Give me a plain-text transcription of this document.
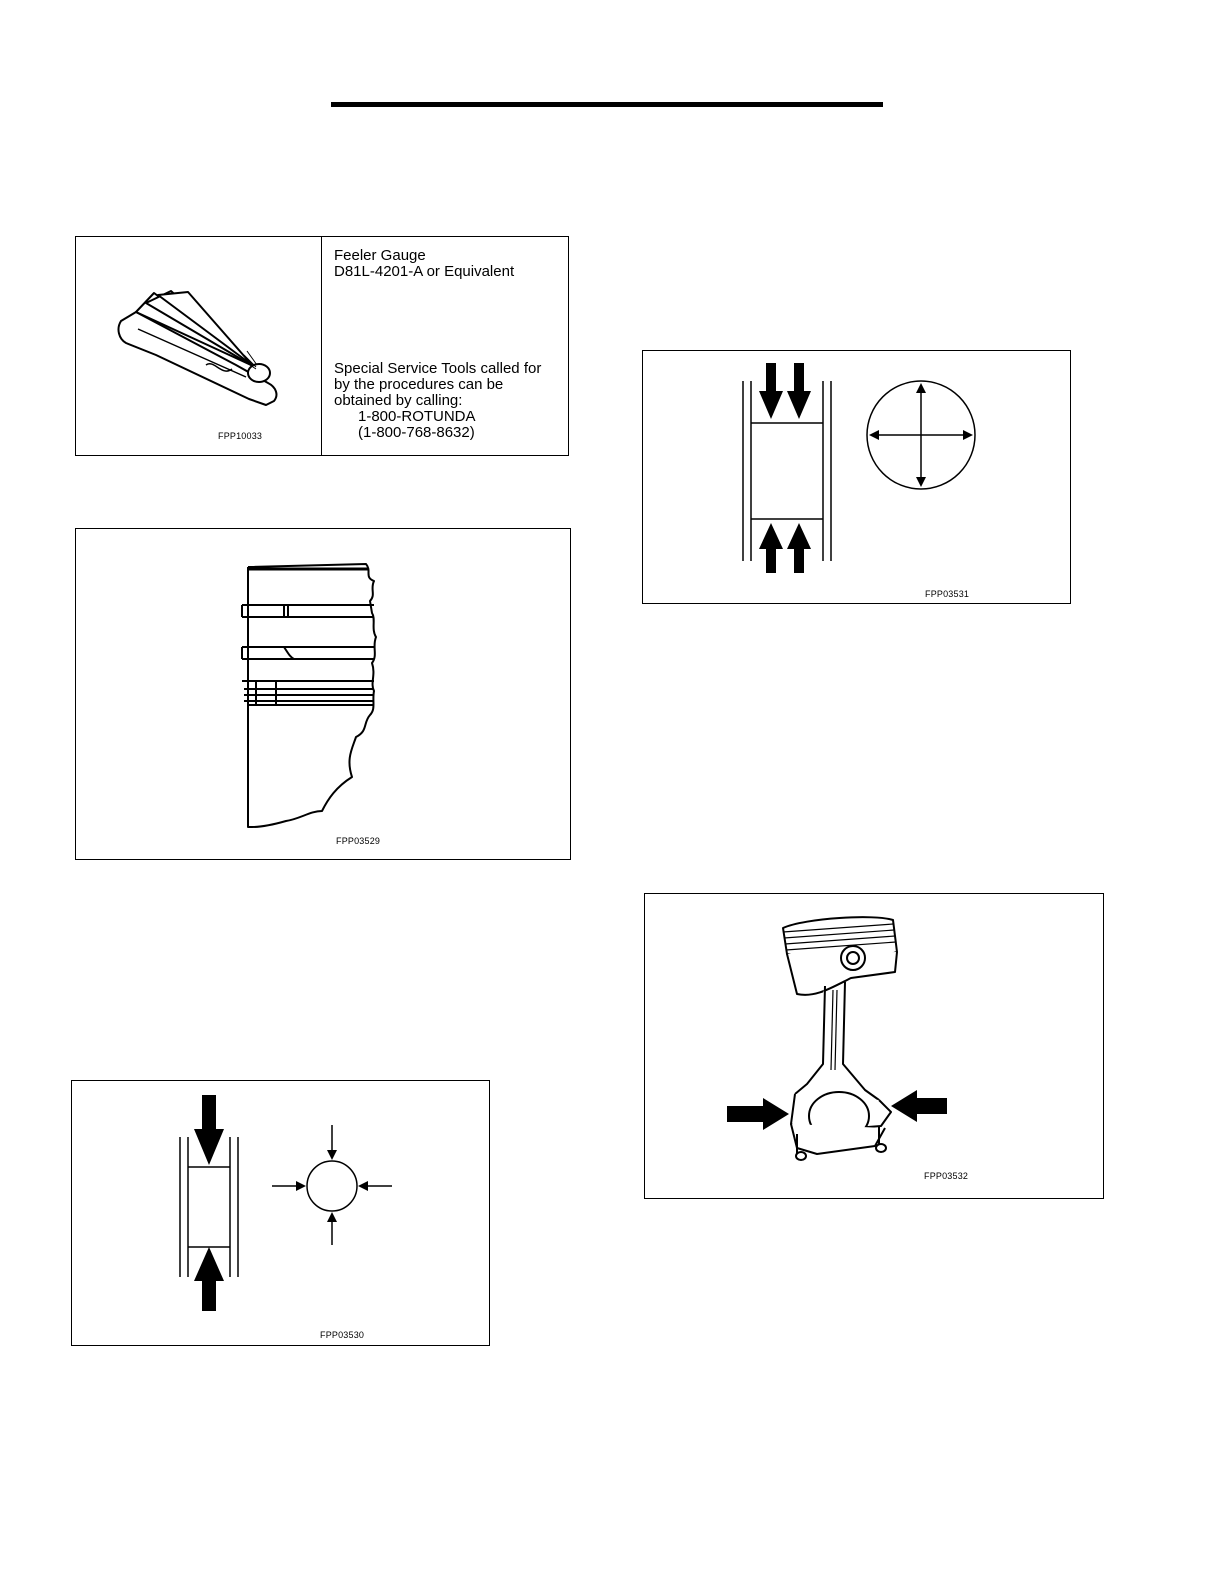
FPP10033
Feeler Gauge
D81L-4201-A or Equivalent
Special Service Tools called for
by the procedures can be
obtained by calling:
1-800-ROTUNDA
(1-800-768-8632)
FPP03529
FPP03530
FPP03531
FPP03532
